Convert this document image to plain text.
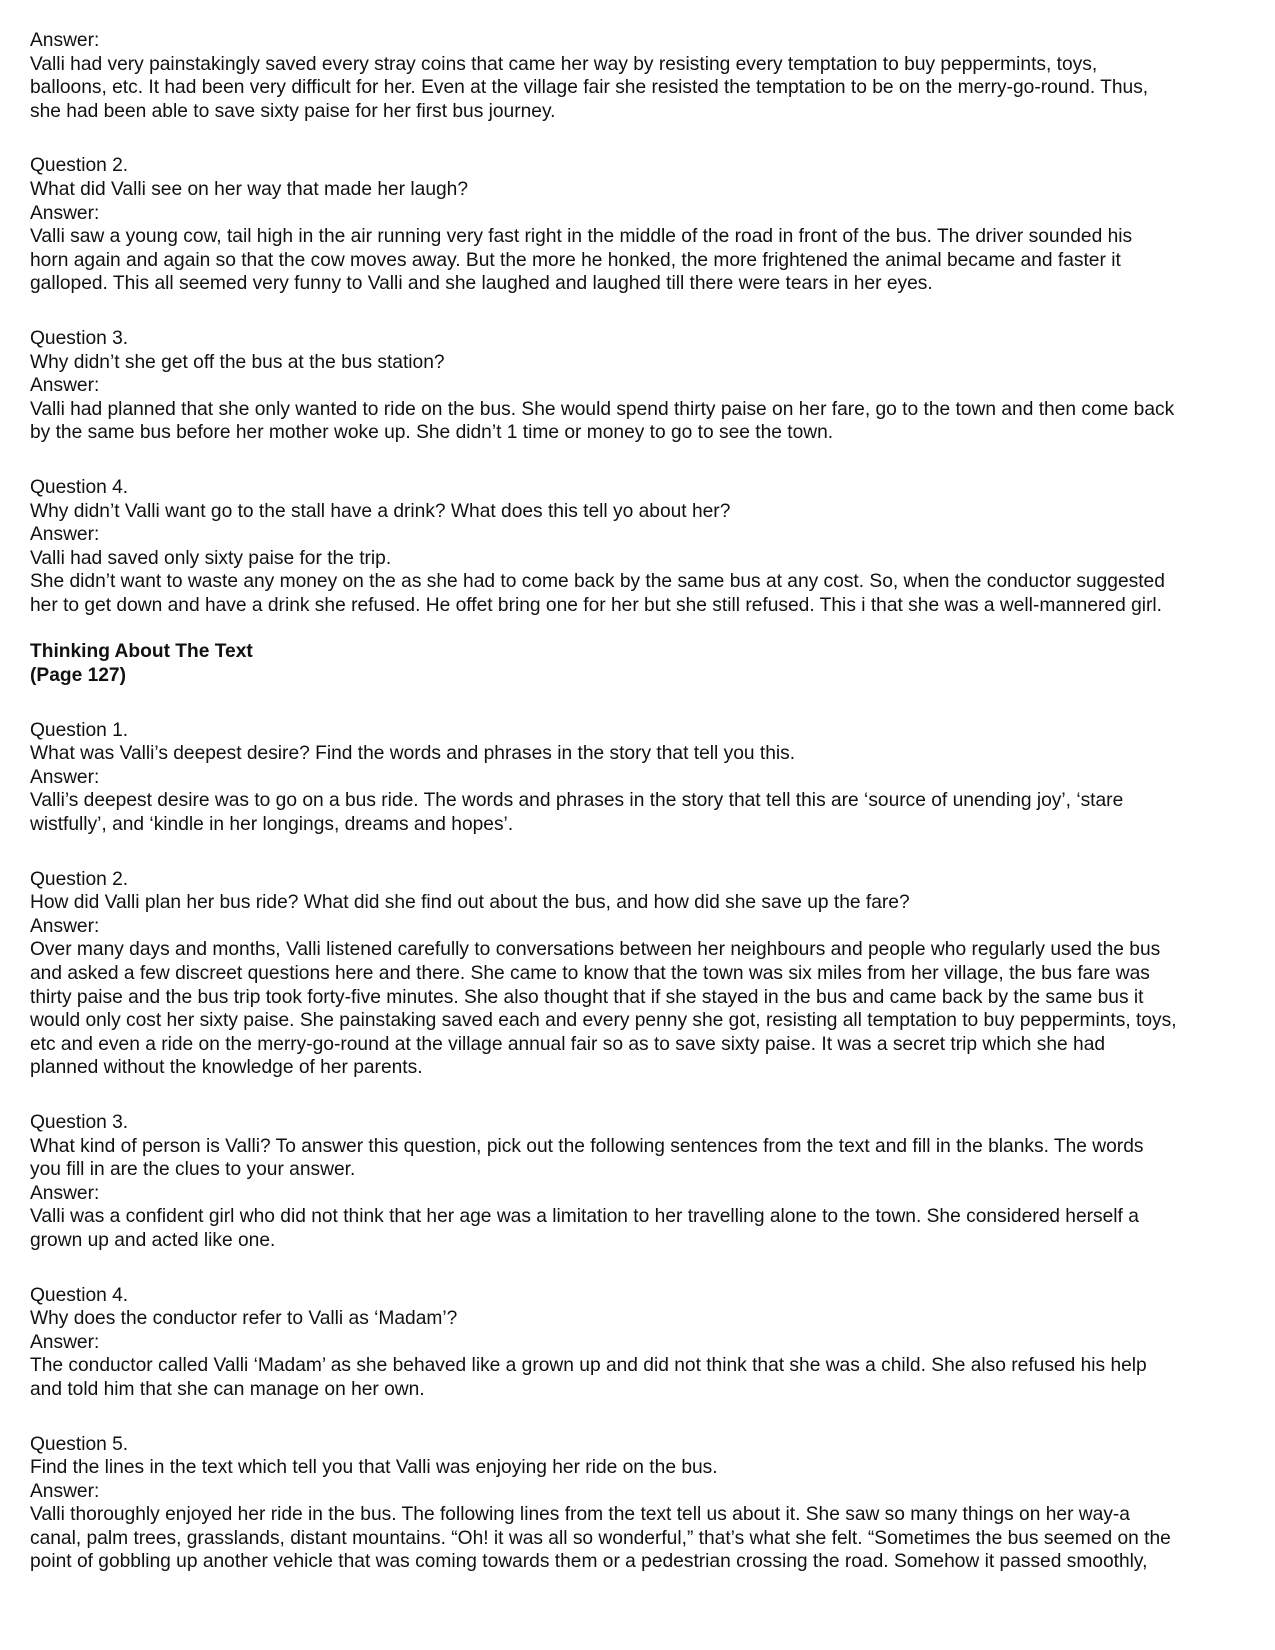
Answer:
Valli had very painstakingly saved every stray coins that came her way by resisting every temptation to buy peppermints, toys,
balloons, etc. It had been very difficult for her. Even at the village fair she resisted the temptation to be on the merry-go-round. Thus,
she had been able to save sixty paise for her first bus journey.
Question 2.
What did Valli see on her way that made her laugh?
Answer:
Valli saw a young cow, tail high in the air running very fast right in the middle of the road in front of the bus. The driver sounded his
horn again and again so that the cow moves away. But the more he honked, the more frightened the animal became and faster it
galloped. This all seemed very funny to Valli and she laughed and laughed till there were tears in her eyes.
Question 3.
Why didn’t she get off the bus at the bus station?
Answer:
Valli had planned that she only wanted to ride on the bus. She would spend thirty paise on her fare, go to the town and then come back
by the same bus before her mother woke up. She didn’t 1 time or money to go to see the town.
Question 4.
Why didn’t Valli want go to the stall have a drink? What does this tell yo about her?
Answer:
Valli had saved only sixty paise for the trip.
She didn’t want to waste any money on the as she had to come back by the same bus at any cost. So, when the conductor suggested
her to get down and have a drink she refused. He offet bring one for her but she still refused. This i that she was a well-mannered girl.
Thinking About The Text
(Page 127)
Question 1.
What was Valli’s deepest desire? Find the words and phrases in the story that tell you this.
Answer:
Valli’s deepest desire was to go on a bus ride. The words and phrases in the story that tell this are ‘source of unending joy’, ‘stare
wistfully’, and ‘kindle in her longings, dreams and hopes’.
Question 2.
How did Valli plan her bus ride? What did she find out about the bus, and how did she save up the fare?
Answer:
Over many days and months, Valli listened carefully to conversations between her neighbours and people who regularly used the bus
and asked a few discreet questions here and there. She came to know that the town was six miles from her village, the bus fare was
thirty paise and the bus trip took forty-five minutes. She also thought that if she stayed in the bus and came back by the same bus it
would only cost her sixty paise. She painstaking saved each and every penny she got, resisting all temptation to buy peppermints, toys,
etc and even a ride on the merry-go-round at the village annual fair so as to save sixty paise. It was a secret trip which she had
planned without the knowledge of her parents.
Question 3.
What kind of person is Valli? To answer this question, pick out the following sentences from the text and fill in the blanks. The words
you fill in are the clues to your answer.
Answer:
Valli was a confident girl who did not think that her age was a limitation to her travelling alone to the town. She considered herself a
grown up and acted like one.
Question 4.
Why does the conductor refer to Valli as ‘Madam’?
Answer:
The conductor called Valli ‘Madam’ as she behaved like a grown up and did not think that she was a child. She also refused his help
and told him that she can manage on her own.
Question 5.
Find the lines in the text which tell you that Valli was enjoying her ride on the bus.
Answer:
Valli thoroughly enjoyed her ride in the bus. The following lines from the text tell us about it. She saw so many things on her way-a
canal, palm trees, grasslands, distant mountains. “Oh! it was all so wonderful,” that’s what she felt. “Sometimes the bus seemed on the
point of gobbling up another vehicle that was coming towards them or a pedestrian crossing the road. Somehow it passed smoothly,
